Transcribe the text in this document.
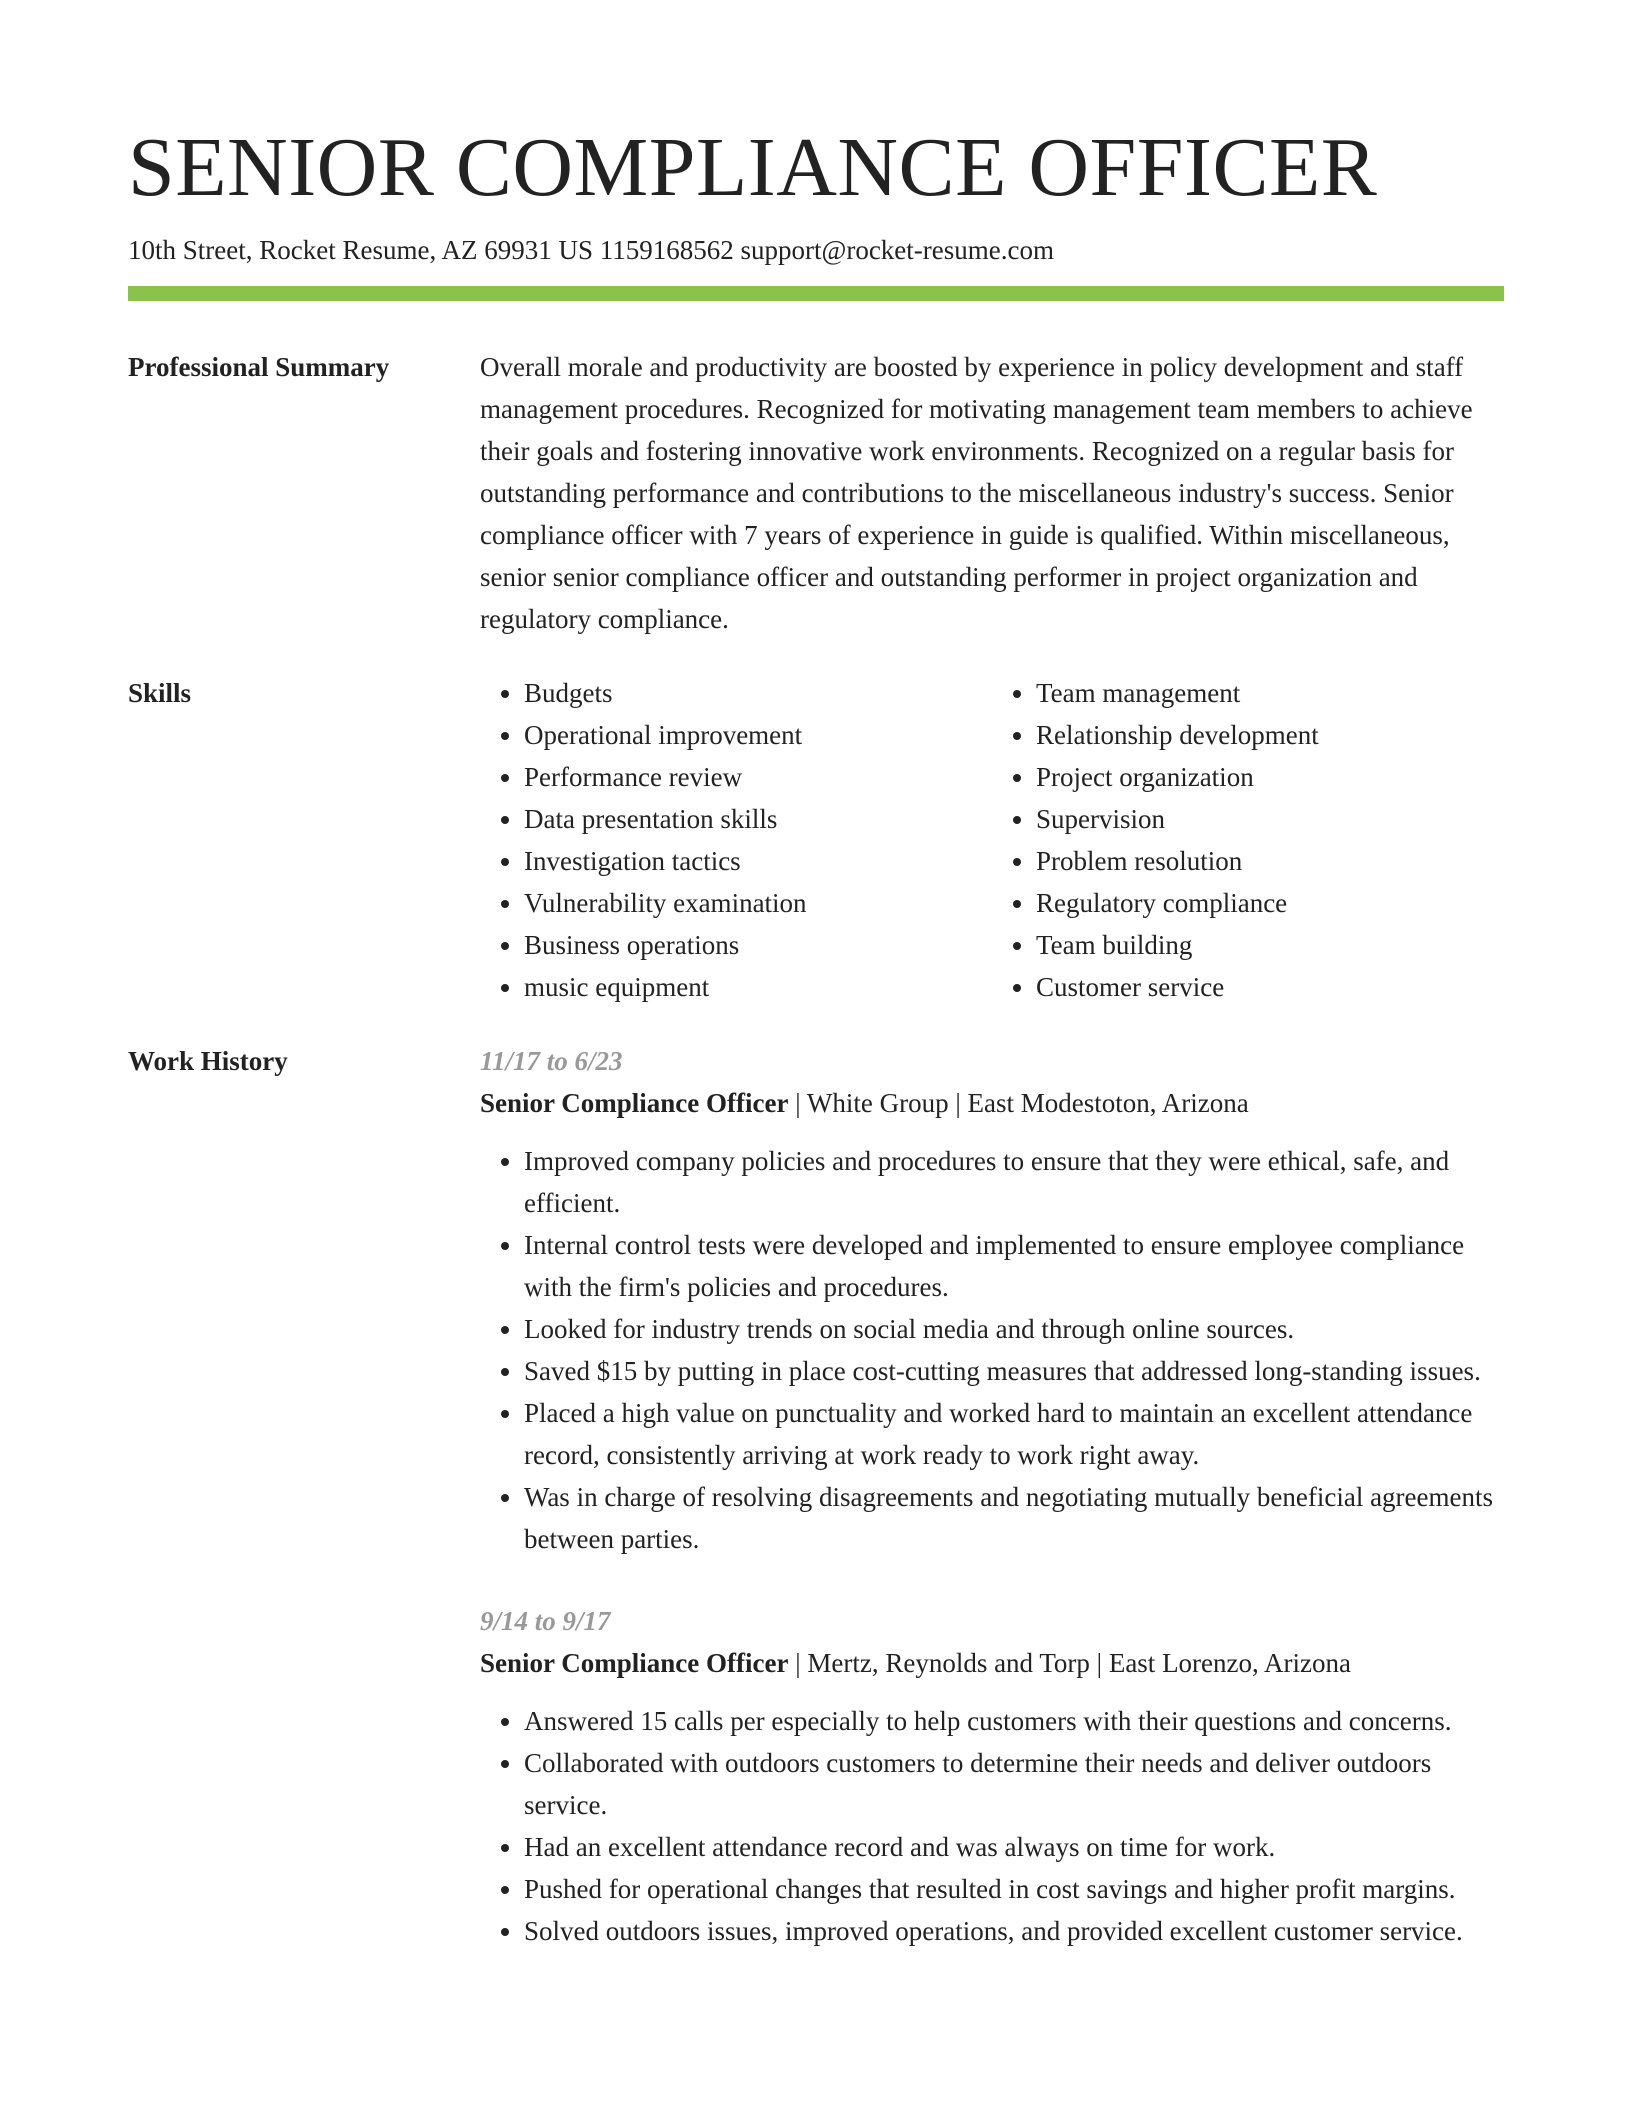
SENIOR COMPLIANCE OFFICER
10th Street, Rocket Resume, AZ 69931 US 1159168562 support@rocket-resume.com
Professional Summary	Overall morale and productivity are boosted by experience in policy development and staff management procedures. Recognized for motivating management team members to achieve their goals and fostering innovative work environments. Recognized on a regular basis for outstanding performance and contributions to the miscellaneous industry's success. Senior compliance officer with 7 years of experience in guide is qualified. Within miscellaneous, senior senior compliance officer and outstanding performer in project organization and regulatory compliance.

Skills
•	Budgets
• Operational improvement
• Performance review
• Data presentation skills
• Investigation tactics
• Vulnerability examination
• Business operations
• music equipment
• Team management
• Relationship development
• Project organization
• Supervision
• Problem resolution
• Regulatory compliance
• Team building
• Customer service
Work History	11/17 to 6/23
Senior Compliance Officer | White Group | East Modestoton, Arizona
• Improved company policies and procedures to ensure that they were ethical, safe, and efficient.
• Internal control tests were developed and implemented to ensure employee compliance with the firm's policies and procedures.
• Looked for industry trends on social media and through online sources.
• Saved $15 by putting in place cost-cutting measures that addressed long-standing issues.
• Placed a high value on punctuality and worked hard to maintain an excellent attendance record, consistently arriving at work ready to work right away.
• Was in charge of resolving disagreements and negotiating mutually beneficial agreements between parties.
9/14 to 9/17
Senior Compliance Officer | Mertz, Reynolds and Torp | East Lorenzo, Arizona
• Answered 15 calls per especially to help customers with their questions and concerns.
• Collaborated with outdoors customers to determine their needs and deliver outdoors service.
• Had an excellent attendance record and was always on time for work.
• Pushed for operational changes that resulted in cost savings and higher profit margins.
• Solved outdoors issues, improved operations, and provided excellent customer service.
